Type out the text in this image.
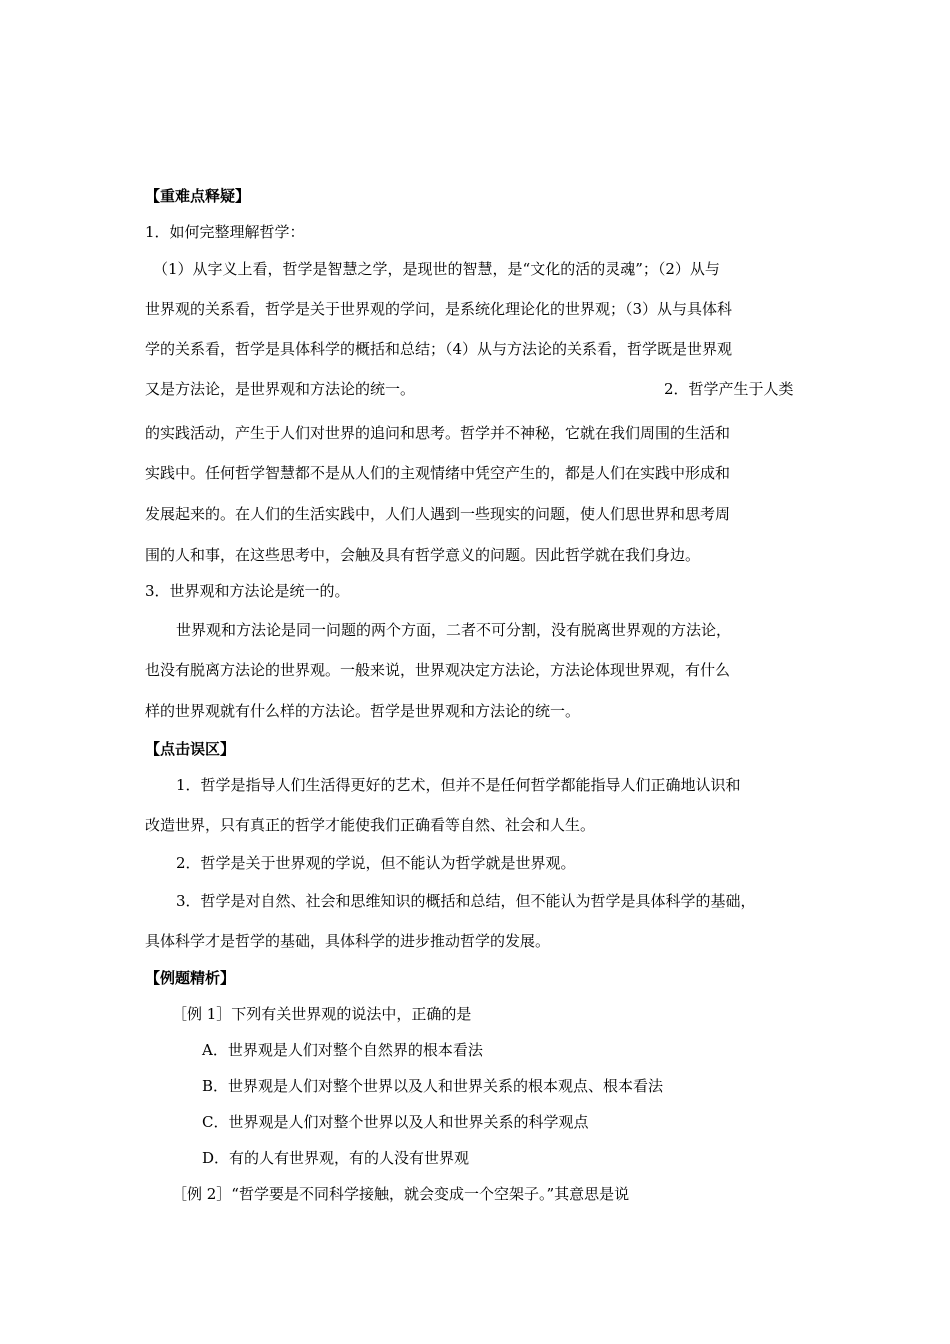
【重难点释疑】
1．如何完整理解哲学：
（1）从字义上看，哲学是智慧之学，是现世的智慧，是“文化的活的灵魂”；（2）从与
世界观的关系看，哲学是关于世界观的学问，是系统化理论化的世界观；（3）从与具体科
学的关系看，哲学是具体科学的概括和总结；（4）从与方法论的关系看，哲学既是世界观
又是方法论，是世界观和方法论的统一。	2．哲学产生于人类
的实践活动，产生于人们对世界的追问和思考。哲学并不神秘，它就在我们周围的生活和
实践中。任何哲学智慧都不是从人们的主观情绪中凭空产生的，都是人们在实践中形成和
发展起来的。在人们的生活实践中，人们人遇到一些现实的问题，使人们思世界和思考周
围的人和事，在这些思考中，会触及具有哲学意义的问题。因此哲学就在我们身边。
3．世界观和方法论是统一的。
世界观和方法论是同一问题的两个方面，二者不可分割，没有脱离世界观的方法论，
也没有脱离方法论的世界观。一般来说，世界观决定方法论，方法论体现世界观，有什么
样的世界观就有什么样的方法论。哲学是世界观和方法论的统一。
【点击误区】
1．哲学是指导人们生活得更好的艺术，但并不是任何哲学都能指导人们正确地认识和
改造世界，只有真正的哲学才能使我们正确看等自然、社会和人生。
2．哲学是关于世界观的学说，但不能认为哲学就是世界观。
3．哲学是对自然、社会和思维知识的概括和总结，但不能认为哲学是具体科学的基础，
具体科学才是哲学的基础，具体科学的进步推动哲学的发展。
【例题精析】
［例 1］下列有关世界观的说法中，正确的是
A．世界观是人们对整个自然界的根本看法
B．世界观是人们对整个世界以及人和世界关系的根本观点、根本看法
C．世界观是人们对整个世界以及人和世界关系的科学观点
D．有的人有世界观，有的人没有世界观
［例 2］“哲学要是不同科学接触，就会变成一个空架子。”其意思是说
